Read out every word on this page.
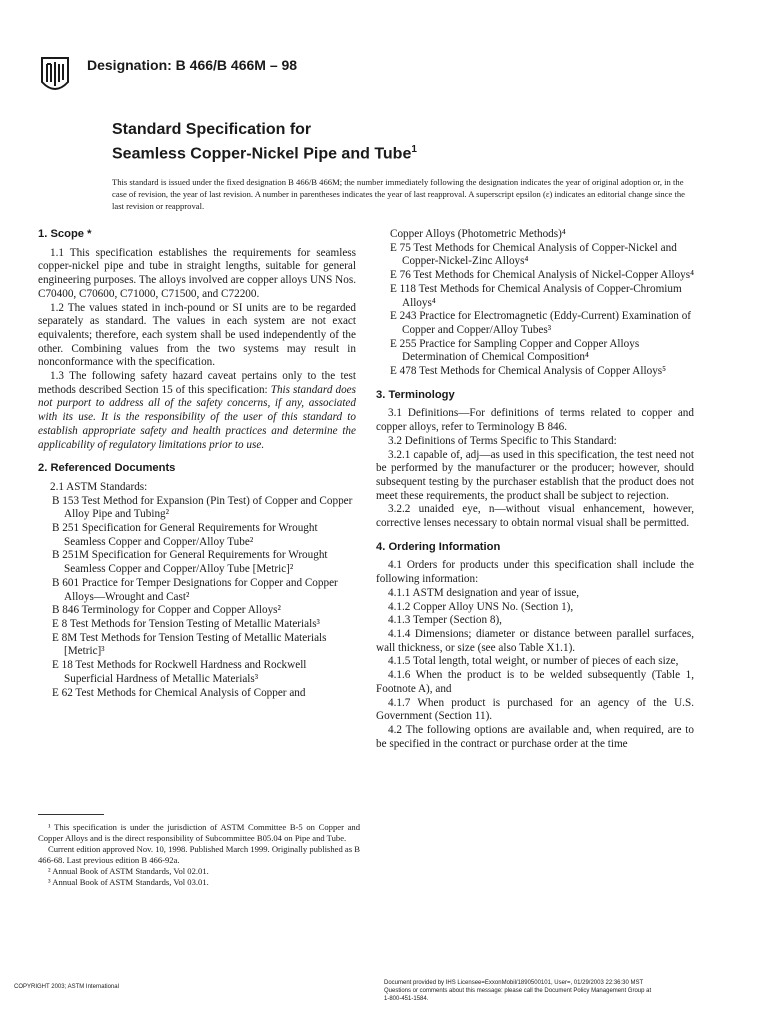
Designation: B 466/B 466M – 98
Standard Specification for
Seamless Copper-Nickel Pipe and Tube$^1$
This standard is issued under the fixed designation B 466/B 466M; the number immediately following the designation indicates the year of original adoption or, in the case of revision, the year of last revision. A number in parentheses indicates the year of last reapproval. A superscript epsilon (ε) indicates an editorial change since the last revision or reapproval.

1. Scope *

1.1 This specification establishes the requirements for seamless copper-nickel pipe and tube in straight lengths, suitable for general engineering purposes. The alloys involved are copper alloys UNS Nos. C70400, C70600, C71000, C71500, and C72200.

1.2 The values stated in inch-pound or SI units are to be regarded separately as standard. The values in each system are not exact equivalents; therefore, each system shall be used independently of the other. Combining values from the two systems may result in nonconformance with the specification.

1.3 The following safety hazard caveat pertains only to the test methods described Section 15 of this specification: This standard does not purport to address all of the safety concerns, if any, associated with its use. It is the responsibility of the user of this standard to establish appropriate safety and health practices and determine the applicability of regulatory limitations prior to use.

2. Referenced Documents

2.1 ASTM Standards:

B 153 Test Method for Expansion (Pin Test) of Copper and Copper Alloy Pipe and Tubing²

B 251 Specification for General Requirements for Wrought Seamless Copper and Copper/Alloy Tube²

B 251M Specification for General Requirements for Wrought Seamless Copper and Copper/Alloy Tube [Metric]²

B 601 Practice for Temper Designations for Copper and Copper Alloys—Wrought and Cast²

B 846 Terminology for Copper and Copper Alloys²

E 8 Test Methods for Tension Testing of Metallic Materials³

E 8M Test Methods for Tension Testing of Metallic Materials [Metric]³

E 18 Test Methods for Rockwell Hardness and Rockwell Superficial Hardness of Metallic Materials³

E 62 Test Methods for Chemical Analysis of Copper and

Copper Alloys (Photometric Methods)⁴

E 75 Test Methods for Chemical Analysis of Copper-Nickel and Copper-Nickel-Zinc Alloys⁴

E 76 Test Methods for Chemical Analysis of Nickel-Copper Alloys⁴

E 118 Test Methods for Chemical Analysis of Copper-Chromium Alloys⁴

E 243 Practice for Electromagnetic (Eddy-Current) Examination of Copper and Copper/Alloy Tubes³

E 255 Practice for Sampling Copper and Copper Alloys Determination of Chemical Composition⁴

E 478 Test Methods for Chemical Analysis of Copper Alloys⁵

3. Terminology

3.1 Definitions—For definitions of terms related to copper and copper alloys, refer to Terminology B 846.

3.2 Definitions of Terms Specific to This Standard:

3.2.1 capable of, adj—as used in this specification, the test need not be performed by the manufacturer or the producer; however, should subsequent testing by the purchaser establish that the product does not meet these requirements, the product shall be subject to rejection.

3.2.2 unaided eye, n—without visual enhancement, however, corrective lenses necessary to obtain normal visual shall be permitted.

4. Ordering Information

4.1 Orders for products under this specification shall include the following information:

4.1.1 ASTM designation and year of issue,

4.1.2 Copper Alloy UNS No. (Section 1),

4.1.3 Temper (Section 8),

4.1.4 Dimensions; diameter or distance between parallel surfaces, wall thickness, or size (see also Table X1.1).

4.1.5 Total length, total weight, or number of pieces of each size,

4.1.6 When the product is to be welded subsequently (Table 1, Footnote A), and

4.1.7 When product is purchased for an agency of the U.S. Government (Section 11).

4.2 The following options are available and, when required, are to be specified in the contract or purchase order at the time

¹ This specification is under the jurisdiction of ASTM Committee B-5 on Copper and Copper Alloys and is the direct responsibility of Subcommittee B05.04 on Pipe and Tube.

Current edition approved Nov. 10, 1998. Published March 1999. Originally published as B 466-68. Last previous edition B 466-92a.

² Annual Book of ASTM Standards, Vol 02.01.

³ Annual Book of ASTM Standards, Vol 03.01.

COPYRIGHT 2003; ASTM International
Document provided by IHS Licensee=ExxonMobil/1890500101, User=, 01/29/2003 22:36:30 MST Questions or comments about this message: please call the Document Policy Management Group at 1-800-451-1584.
